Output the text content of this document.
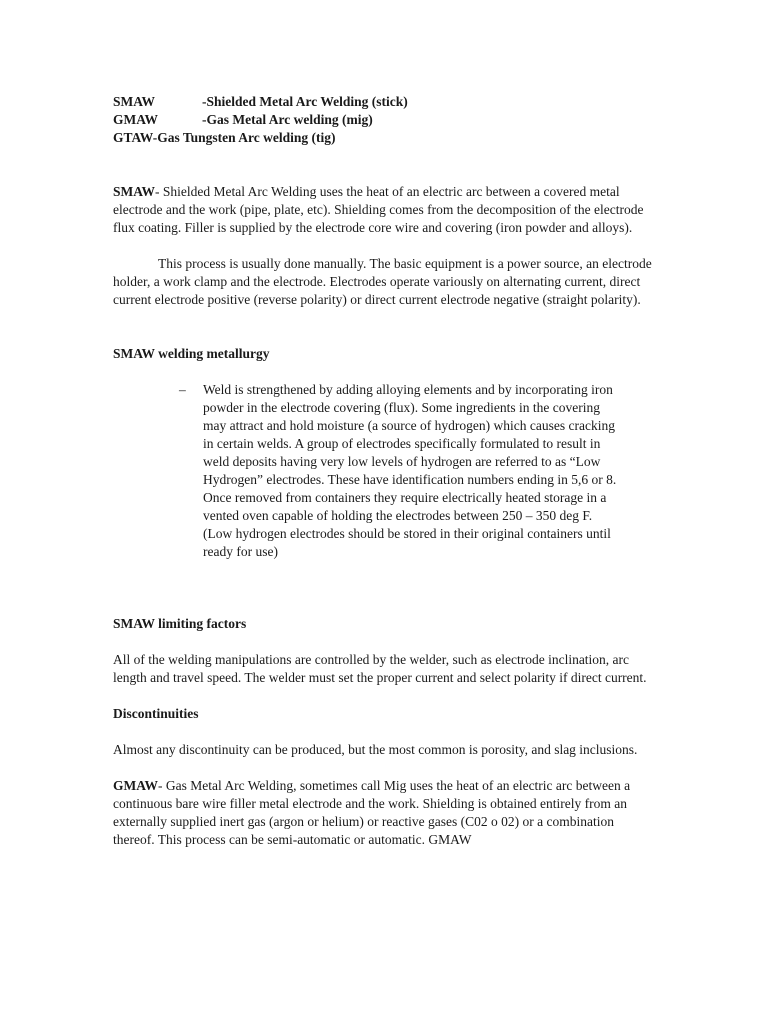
SMAW	-Shielded Metal Arc Welding (stick)
GMAW	-Gas Metal Arc welding (mig)
GTAW-Gas Tungsten Arc welding (tig)

SMAW- Shielded Metal Arc Welding uses the heat of an electric arc between a covered metal electrode and the work (pipe, plate, etc). Shielding comes from the decomposition of the electrode flux coating. Filler is supplied by the electrode core wire and covering (iron powder and alloys).

This process is usually done manually. The basic equipment is a power source, an electrode holder, a work clamp and the electrode. Electrodes operate variously on alternating current, direct current electrode positive (reverse polarity) or direct current electrode negative (straight polarity).

SMAW welding metallurgy

–	Weld is strengthened by adding alloying elements and by incorporating iron powder in the electrode covering (flux). Some ingredients in the covering may attract and hold moisture (a source of hydrogen) which causes cracking in certain welds. A group of electrodes specifically formulated to result in weld deposits having very low levels of hydrogen are referred to as “Low Hydrogen” electrodes. These have identification numbers ending in 5,6 or 8. Once removed from containers they require electrically heated storage in a vented oven capable of holding the electrodes between 250 – 350 deg F. (Low hydrogen electrodes should be stored in their original containers until ready for use)

SMAW limiting factors

All of the welding manipulations are controlled by the welder, such as electrode inclination, arc length and travel speed. The welder must set the proper current and select polarity if direct current.

Discontinuities

Almost any discontinuity can be produced, but the most common is porosity, and slag inclusions.

GMAW- Gas Metal Arc Welding, sometimes call Mig uses the heat of an electric arc between a continuous bare wire filler metal electrode and the work. Shielding is obtained entirely from an externally supplied inert gas (argon or helium) or reactive gases (C02 o 02) or a combination thereof. This process can be semi-automatic or automatic. GMAW
